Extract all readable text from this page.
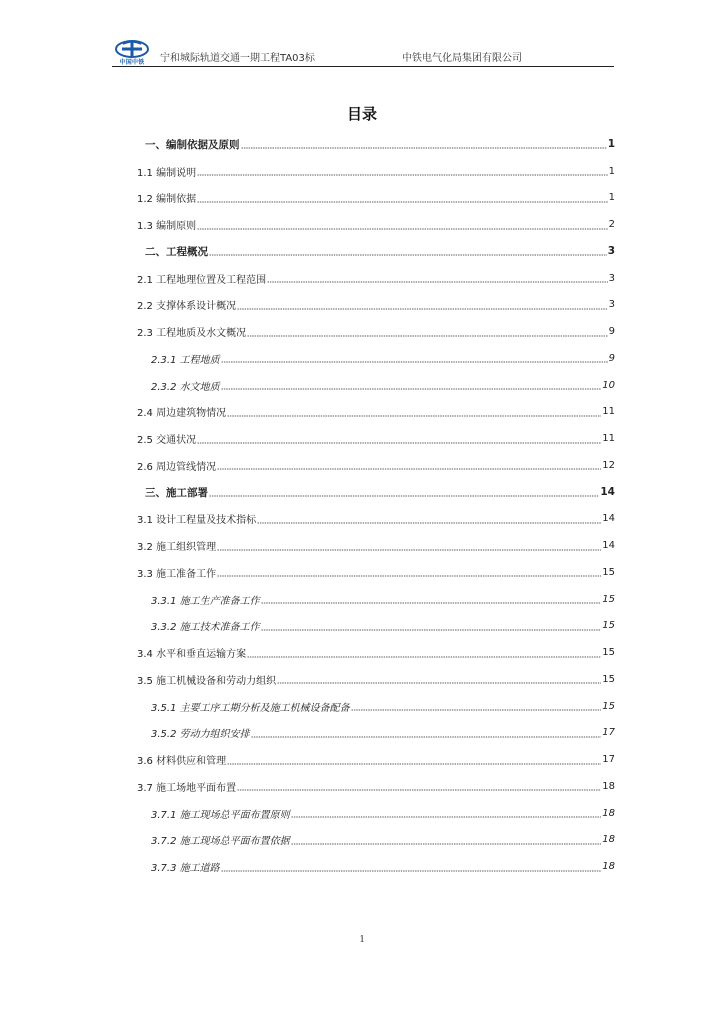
中国中铁	宁和城际轨道交通一期工程TA03标	中铁电气化局集团有限公司
目录
一、编制依据及原则	1
1.1 编制说明	1
1.2 编制依据	1
1.3 编制原则	2
二、工程概况	3
2.1 工程地理位置及工程范围	3
2.2 支撑体系设计概况	3
2.3 工程地质及水文概况	9
2.3.1 工程地质	9
2.3.2 水文地质	10
2.4 周边建筑物情况	11
2.5 交通状况	11
2.6 周边管线情况	12
三、施工部署	14
3.1 设计工程量及技术指标	14
3.2 施工组织管理	14
3.3 施工准备工作	15
3.3.1 施工生产准备工作	15
3.3.2 施工技术准备工作	15
3.4 水平和垂直运输方案	15
3.5 施工机械设备和劳动力组织	15
3.5.1 主要工序工期分析及施工机械设备配备	15
3.5.2 劳动力组织安排	17
3.6 材料供应和管理	17
3.7 施工场地平面布置	18
3.7.1 施工现场总平面布置原则	18
3.7.2 施工现场总平面布置依据	18
3.7.3 施工道路	18
1
